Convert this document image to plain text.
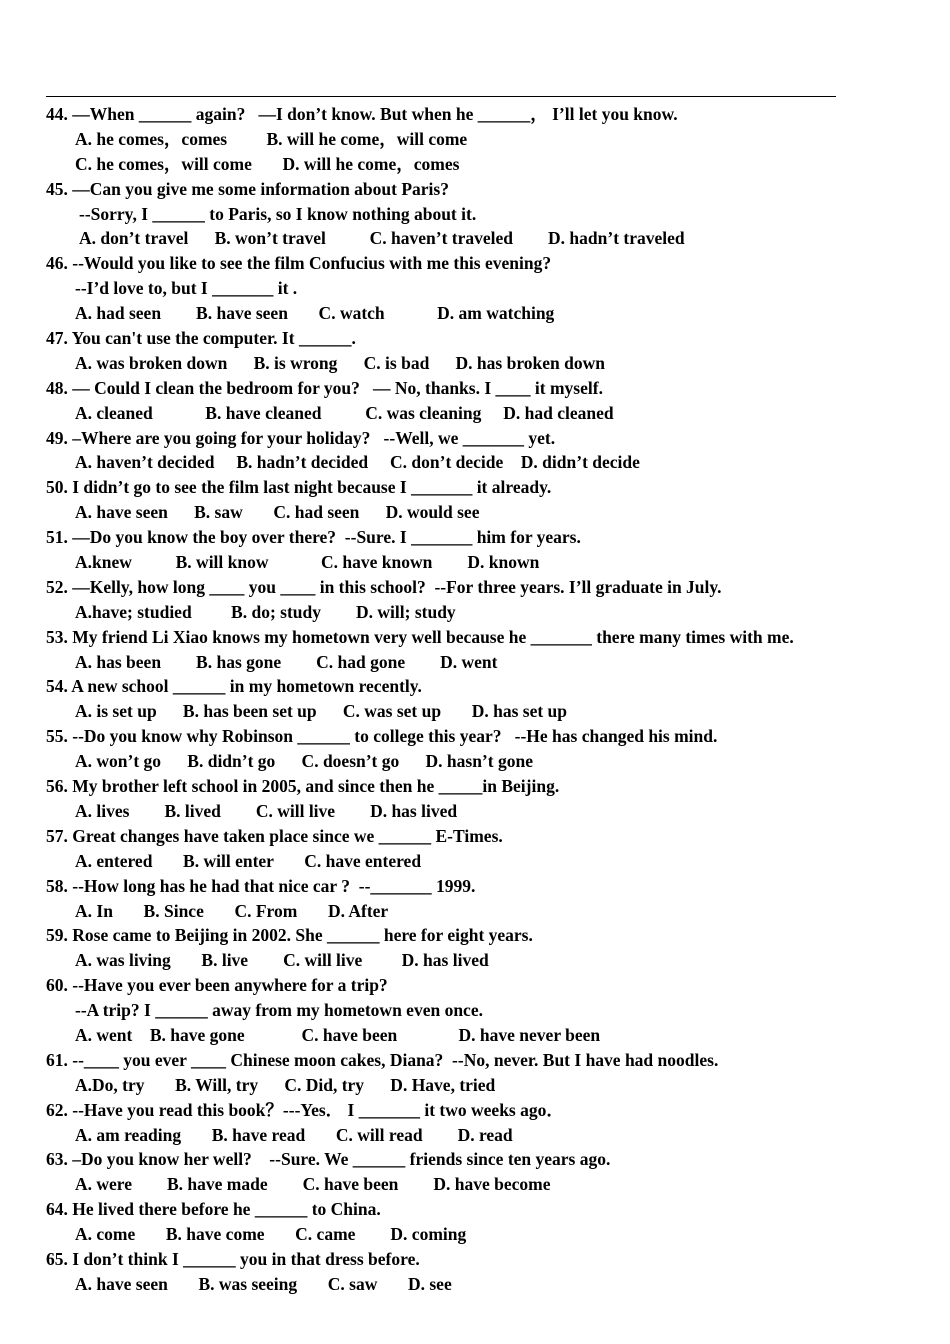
44. —When ______ again?   —I don’t know. But when he ______， I’ll let you know.
A. he comes，comes         B. will he come，will come
C. he comes，will come       D. will he come，comes
45. —Can you give me some information about Paris?
--Sorry, I ______ to Paris, so I know nothing about it.
A. don’t travel      B. won’t travel          C. haven’t traveled        D. hadn’t traveled
46. --Would you like to see the film Confucius with me this evening?
--I’d love to, but I _______ it .
A. had seen        B. have seen       C. watch            D. am watching
47. You can't use the computer. It ______.
A. was broken down      B. is wrong      C. is bad      D. has broken down
48. — Could I clean the bedroom for you?   — No, thanks. I ____ it myself.
A. cleaned            B. have cleaned          C. was cleaning     D. had cleaned
49. –Where are you going for your holiday?   --Well, we _______ yet.
A. haven’t decided     B. hadn’t decided     C. don’t decide    D. didn’t decide
50. I didn’t go to see the film last night because I _______ it already.
A. have seen      B. saw       C. had seen      D. would see
51. —Do you know the boy over there?  --Sure. I _______ him for years.
A.knew          B. will know            C. have known        D. known
52. —Kelly, how long ____ you ____ in this school?  --For three years. I’ll graduate in July.
A.have; studied         B. do; study        D. will; study
53. My friend Li Xiao knows my hometown very well because he _______ there many times with me.
A. has been        B. has gone        C. had gone        D. went
54. A new school ______ in my hometown recently.
A. is set up      B. has been set up      C. was set up       D. has set up
55. --Do you know why Robinson ______ to college this year?   --He has changed his mind.
A. won’t go      B. didn’t go      C. doesn’t go      D. hasn’t gone
56. My brother left school in 2005, and since then he _____in Beijing.
A. lives        B. lived        C. will live        D. has lived
57. Great changes have taken place since we ______ E-Times.
A. entered       B. will enter       C. have entered
58. --How long has he had that nice car ?  --_______ 1999.
A. In       B. Since       C. From       D. After
59. Rose came to Beijing in 2002. She ______ here for eight years.
A. was living       B. live        C. will live         D. has lived
60. --Have you ever been anywhere for a trip?
--A trip? I ______ away from my hometown even once.
A. went    B. have gone             C. have been              D. have never been
61. --____ you ever ____ Chinese moon cakes, Diana?  --No, never. But I have had noodles.
A.Do, try       B. Will, try      C. Did, try      D. Have, tried
62. --Have you read this book？---Yes． I _______ it two weeks ago．
A. am reading       B. have read       C. will read        D. read
63. –Do you know her well?    --Sure. We ______ friends since ten years ago.
A. were        B. have made        C. have been        D. have become
64. He lived there before he ______ to China.
A. come       B. have come       C. came        D. coming
65. I don’t think I ______ you in that dress before.
A. have seen       B. was seeing       C. saw       D. see
